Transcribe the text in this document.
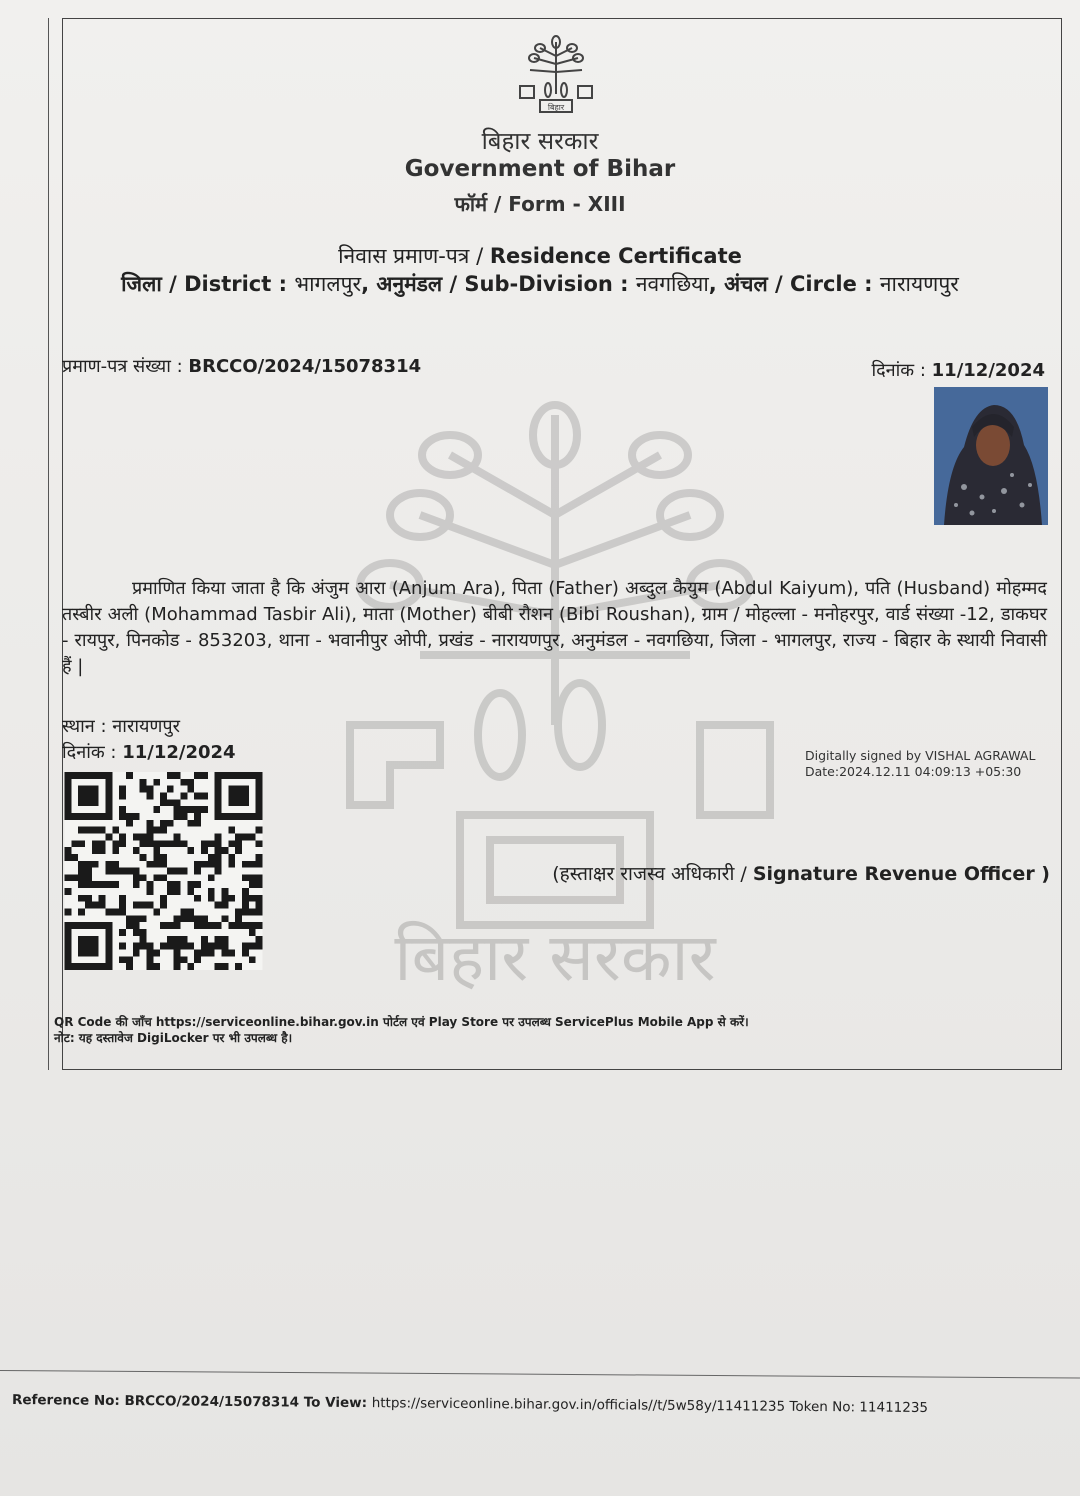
बिहार सरकार
बिहार
बिहार सरकार
Government of Bihar
फॉर्म / Form - XIII
निवास प्रमाण-पत्र / Residence Certificate
जिला / District : भागलपुर, अनुमंडल / Sub-Division : नवगछिया, अंचल / Circle : नारायणपुर
प्रमाण-पत्र संख्या : BRCCO/2024/15078314	दिनांक : 11/12/2024
प्रमाणित किया जाता है कि अंजुम आरा (Anjum Ara), पिता (Father) अब्दुल कैयुम (Abdul Kaiyum), पति (Husband) मोहम्मद तस्बीर अली (Mohammad Tasbir Ali), माता (Mother) बीबी रौशन (Bibi Roushan), ग्राम / मोहल्ला - मनोहरपुर, वार्ड संख्या -12, डाकघर - रायपुर, पिनकोड - 853203, थाना - भवानीपुर ओपी, प्रखंड - नारायणपुर, अनुमंडल - नवगछिया, जिला - भागलपुर, राज्य - बिहार के स्थायी निवासी हैं |
स्थान : नारायणपुर
दिनांक : 11/12/2024	Digitally signed by VISHAL AGRAWAL
Date:2024.12.11 04:09:13 +05:30
(हस्ताक्षर राजस्व अधिकारी / Signature Revenue Officer )
QR Code की जाँच https://serviceonline.bihar.gov.in पोर्टल एवं Play Store पर उपलब्ध ServicePlus Mobile App से करें।
नोट: यह दस्तावेज DigiLocker पर भी उपलब्ध है।
Reference No: BRCCO/2024/15078314 To View: https://serviceonline.bihar.gov.in/officials//t/5w58y/11411235 Token No: 11411235
